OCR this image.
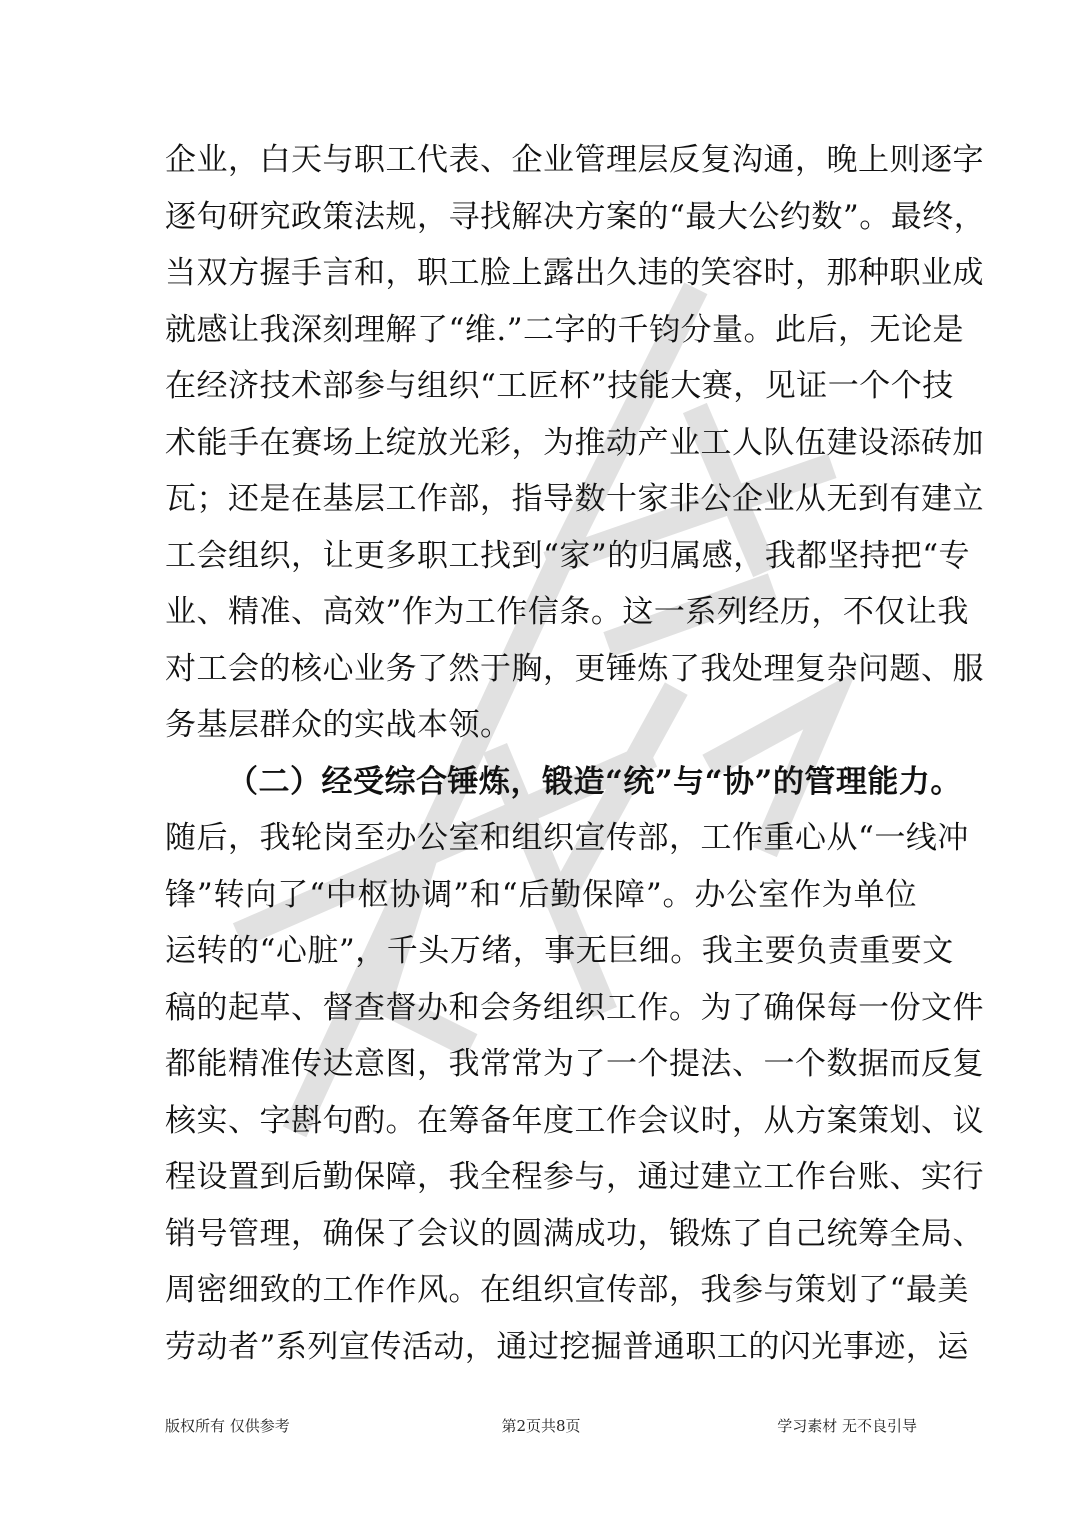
企业，白天与职工代表、企业管理层反复沟通，晚上则逐字
逐句研究政策法规，寻找解决方案的“最大公约数”。最终，
当双方握手言和，职工脸上露出久违的笑容时，那种职业成
就感让我深刻理解了“维.”二字的千钧分量。此后，无论是
在经济技术部参与组织“工匠杯”技能大赛，见证一个个技
术能手在赛场上绽放光彩，为推动产业工人队伍建设添砖加
瓦；还是在基层工作部，指导数十家非公企业从无到有建立
工会组织，让更多职工找到“家”的归属感，我都坚持把“专
业、精准、高效”作为工作信条。这一系列经历，不仅让我
对工会的核心业务了然于胸，更锤炼了我处理复杂问题、服
务基层群众的实战本领。
（二）经受综合锤炼，锻造“统”与“协”的管理能力。
随后，我轮岗至办公室和组织宣传部，工作重心从“一线冲
锋”转向了“中枢协调”和“后勤保障”。办公室作为单位
运转的“心脏”，千头万绪，事无巨细。我主要负责重要文
稿的起草、督查督办和会务组织工作。为了确保每一份文件
都能精准传达意图，我常常为了一个提法、一个数据而反复
核实、字斟句酌。在筹备年度工作会议时，从方案策划、议
程设置到后勤保障，我全程参与，通过建立工作台账、实行
销号管理，确保了会议的圆满成功，锻炼了自己统筹全局、
周密细致的工作作风。在组织宣传部，我参与策划了“最美
劳动者”系列宣传活动，通过挖掘普通职工的闪光事迹，运
版权所有 仅供参考	第2页共8页	学习素材 无不良引导
